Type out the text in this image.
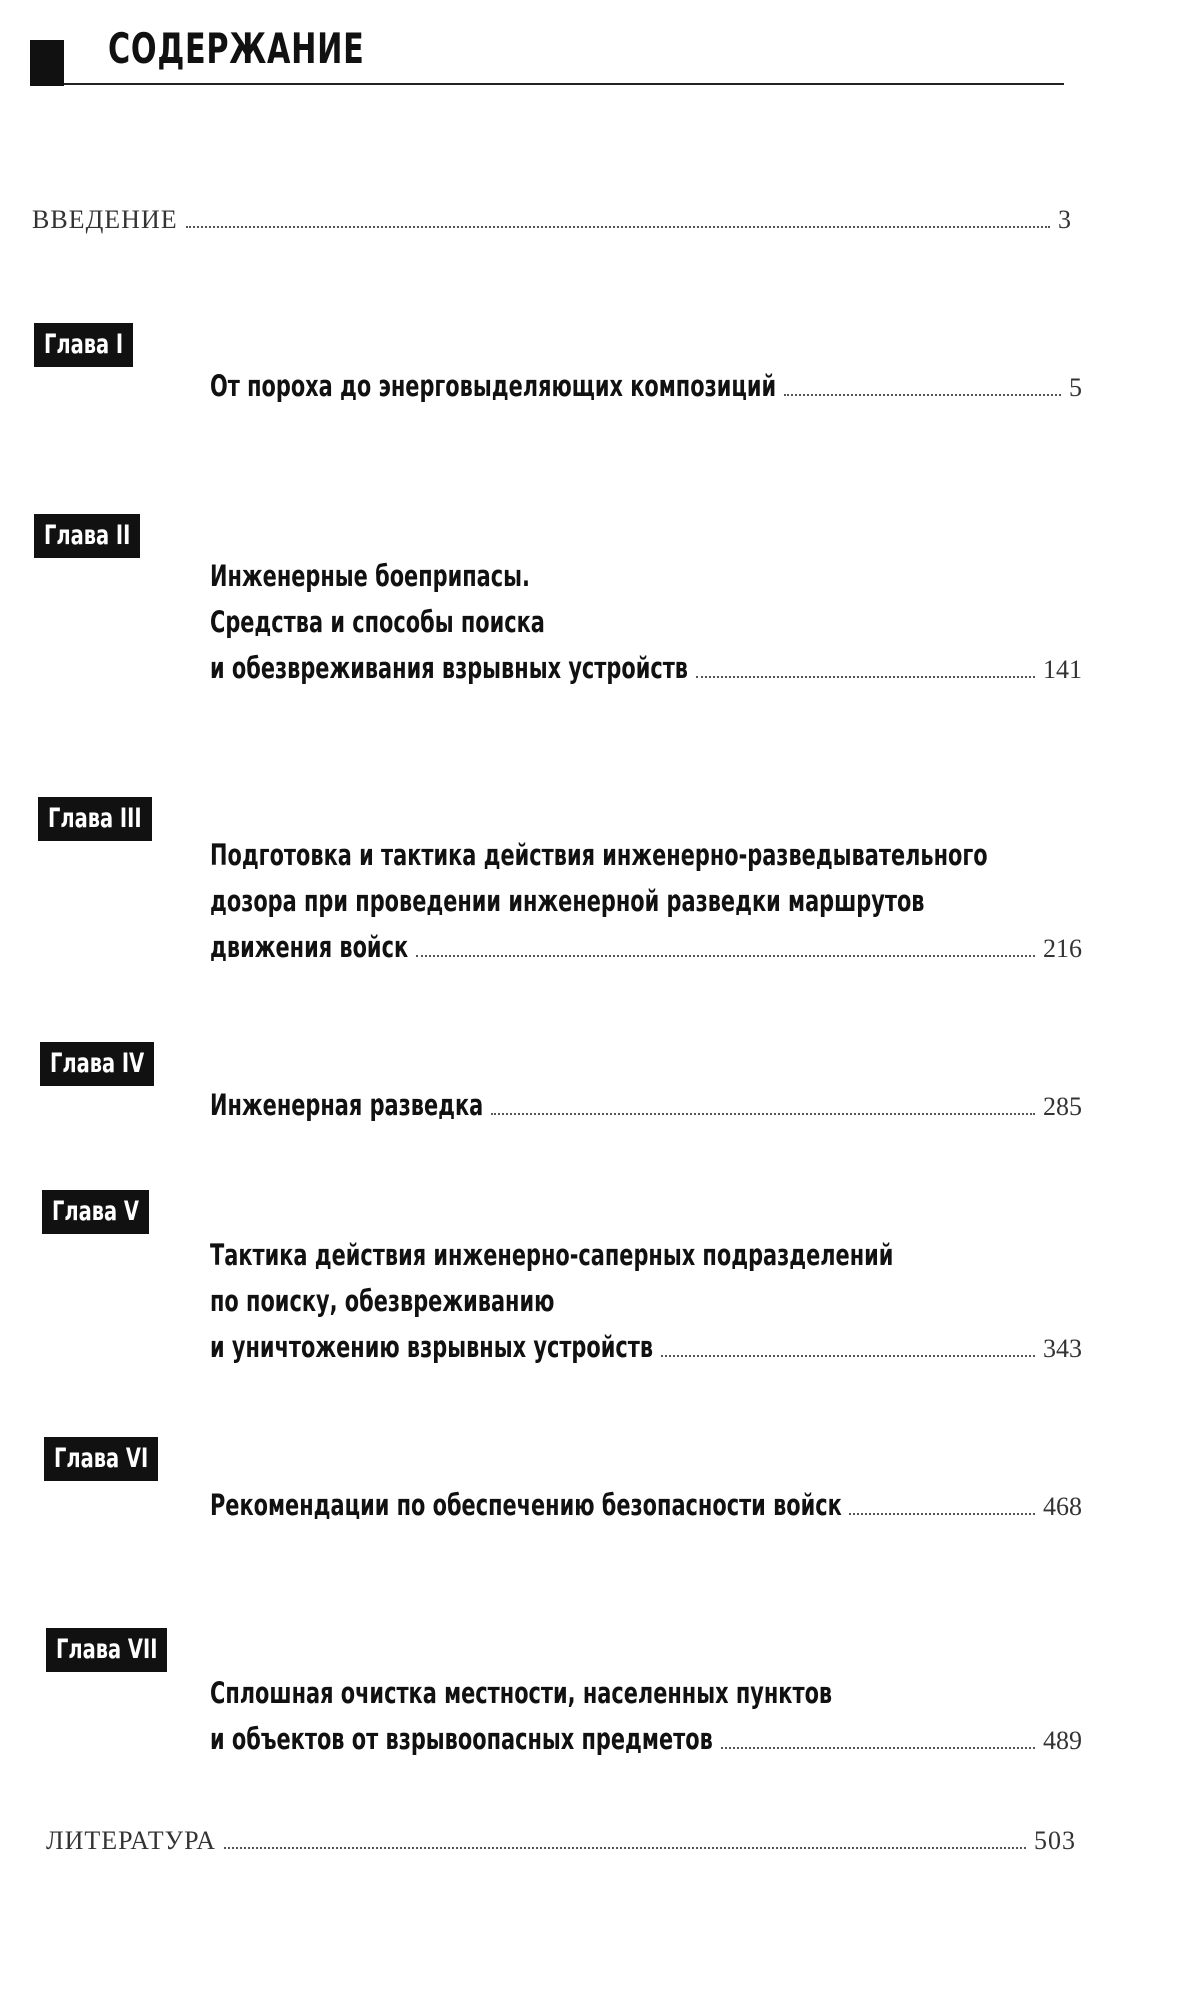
СОДЕРЖАНИЕ
ВВЕДЕНИЕ	3
Глава I
От пороха до энерговыделяющих композиций	5
Глава II
Инженерные боеприпасы.
Средства и способы поиска
и обезвреживания взрывных устройств	141
Глава III
Подготовка и тактика действия инженерно-разведывательного
дозора при проведении инженерной разведки маршрутов
движения войск	216
Глава IV
Инженерная разведка	285
Глава V
Тактика действия инженерно-саперных подразделений
по поиску, обезвреживанию
и уничтожению взрывных устройств	343
Глава VI
Рекомендации по обеспечению безопасности войск	468
Глава VII
Сплошная очистка местности, населенных пунктов
и объектов от взрывоопасных предметов	489
ЛИТЕРАТУРА	503
